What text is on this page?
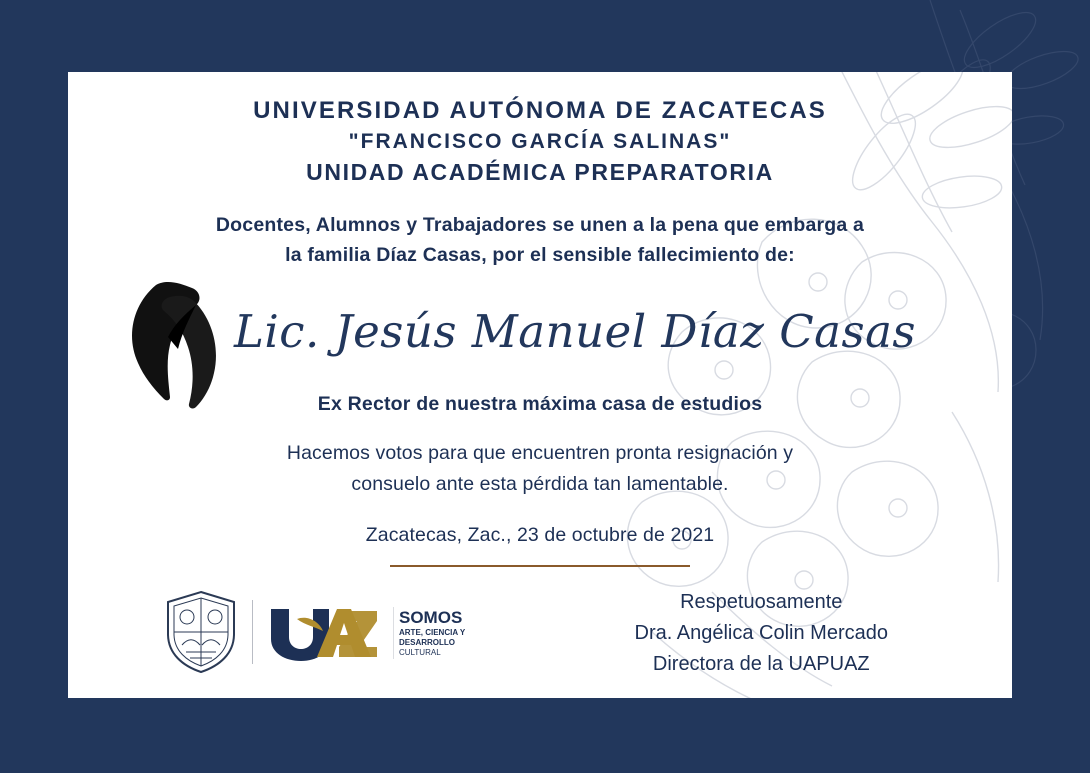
UNIVERSIDAD AUTÓNOMA DE ZACATECAS
"FRANCISCO GARCÍA SALINAS"
UNIDAD ACADÉMICA PREPARATORIA
Docentes, Alumnos y Trabajadores se unen a la pena que embarga a
la familia Díaz Casas, por el sensible fallecimiento de:
Lic. Jesús Manuel Díaz Casas
Ex Rector de nuestra máxima casa de estudios
Hacemos votos para que encuentren pronta resignación y
consuelo ante esta pérdida tan lamentable.
Zacatecas, Zac., 23 de octubre de 2021
SOMOS
ARTE, CIENCIA Y
DESARROLLO
CULTURAL
Respetuosamente
Dra. Angélica Colin Mercado
Directora de la UAPUAZ
